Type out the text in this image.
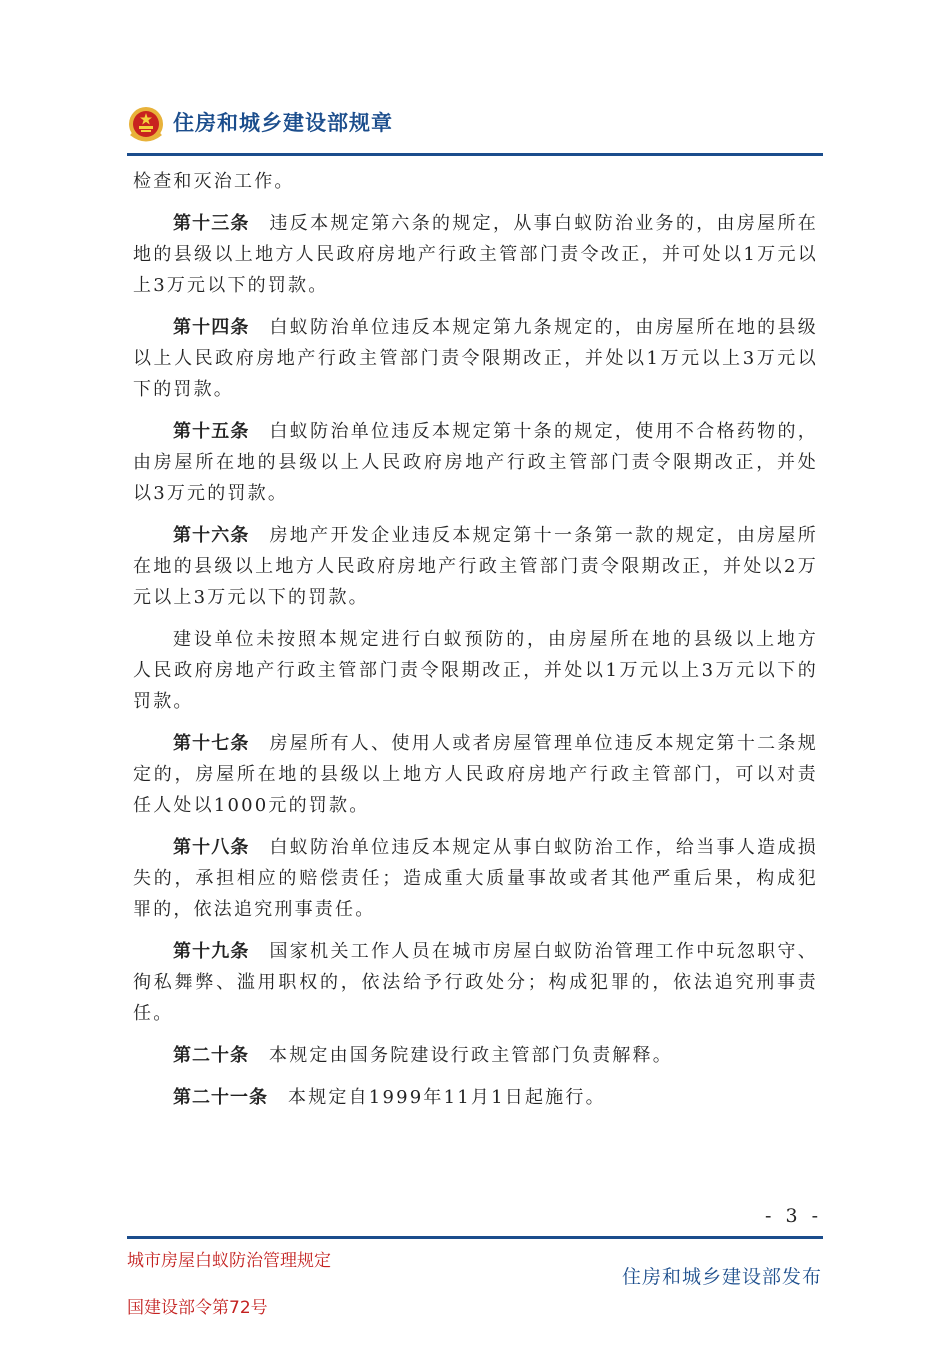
住房和城乡建设部规章

检查和灭治工作。

第十三条 违反本规定第六条的规定，从事白蚁防治业务的，由房屋所在地的县级以上地方人民政府房地产行政主管部门责令改正，并可处以1万元以上3万元以下的罚款。

第十四条 白蚁防治单位违反本规定第九条规定的，由房屋所在地的县级以上人民政府房地产行政主管部门责令限期改正，并处以1万元以上3万元以下的罚款。

第十五条 白蚁防治单位违反本规定第十条的规定，使用不合格药物的，由房屋所在地的县级以上人民政府房地产行政主管部门责令限期改正，并处以3万元的罚款。

第十六条 房地产开发企业违反本规定第十一条第一款的规定，由房屋所在地的县级以上地方人民政府房地产行政主管部门责令限期改正，并处以2万元以上3万元以下的罚款。

建设单位未按照本规定进行白蚁预防的，由房屋所在地的县级以上地方人民政府房地产行政主管部门责令限期改正，并处以1万元以上3万元以下的罚款。

第十七条 房屋所有人、使用人或者房屋管理单位违反本规定第十二条规定的，房屋所在地的县级以上地方人民政府房地产行政主管部门，可以对责任人处以1000元的罚款。

第十八条 白蚁防治单位违反本规定从事白蚁防治工作，给当事人造成损失的，承担相应的赔偿责任；造成重大质量事故或者其他严重后果，构成犯罪的，依法追究刑事责任。

第十九条 国家机关工作人员在城市房屋白蚁防治管理工作中玩忽职守、徇私舞弊、滥用职权的，依法给予行政处分；构成犯罪的，依法追究刑事责任。

第二十条 本规定由国务院建设行政主管部门负责解释。

第二十一条 本规定自1999年11月1日起施行。

- 3 -
城市房屋白蚁防治管理规定
国建设部令第72号
住房和城乡建设部发布
